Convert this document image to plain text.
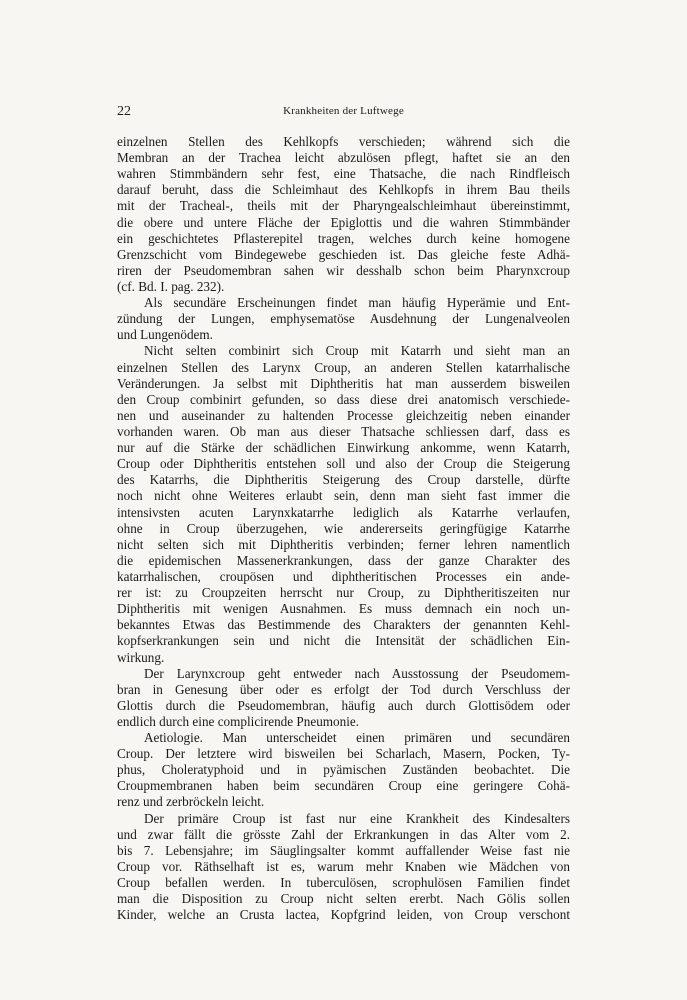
22	Krankheiten der Luftwege
einzelnen Stellen des Kehlkopfs verschieden; während sich die
Membran an der Trachea leicht abzulösen pflegt, haftet sie an den
wahren Stimmbändern sehr fest, eine Thatsache, die nach Rindfleisch
darauf beruht, dass die Schleimhaut des Kehlkopfs in ihrem Bau theils
mit der Tracheal-, theils mit der Pharyngealschleimhaut übereinstimmt,
die obere und untere Fläche der Epiglottis und die wahren Stimmbänder
ein geschichtetes Pflasterepitel tragen, welches durch keine homogene
Grenzschicht vom Bindegewebe geschieden ist. Das gleiche feste Adhä-
riren der Pseudomembran sahen wir desshalb schon beim Pharynxcroup
(cf. Bd. I. pag. 232).
Als secundäre Erscheinungen findet man häufig Hyperämie und Ent-
zündung der Lungen, emphysematöse Ausdehnung der Lungenalveolen
und Lungenödem.
Nicht selten combinirt sich Croup mit Katarrh und sieht man an
einzelnen Stellen des Larynx Croup, an anderen Stellen katarrhalische
Veränderungen. Ja selbst mit Diphtheritis hat man ausserdem bisweilen
den Croup combinirt gefunden, so dass diese drei anatomisch verschiede-
nen und auseinander zu haltenden Processe gleichzeitig neben einander
vorhanden waren. Ob man aus dieser Thatsache schliessen darf, dass es
nur auf die Stärke der schädlichen Einwirkung ankomme, wenn Katarrh,
Croup oder Diphtheritis entstehen soll und also der Croup die Steigerung
des Katarrhs, die Diphtheritis Steigerung des Croup darstelle, dürfte
noch nicht ohne Weiteres erlaubt sein, denn man sieht fast immer die
intensivsten acuten Larynxkatarrhe lediglich als Katarrhe verlaufen,
ohne in Croup überzugehen, wie andererseits geringfügige Katarrhe
nicht selten sich mit Diphtheritis verbinden; ferner lehren namentlich
die epidemischen Massenerkrankungen, dass der ganze Charakter des
katarrhalischen, croupösen und diphtheritischen Processes ein ande-
rer ist: zu Croupzeiten herrscht nur Croup, zu Diphtheritiszeiten nur
Diphtheritis mit wenigen Ausnahmen. Es muss demnach ein noch un-
bekanntes Etwas das Bestimmende des Charakters der genannten Kehl-
kopfserkrankungen sein und nicht die Intensität der schädlichen Ein-
wirkung.
Der Larynxcroup geht entweder nach Ausstossung der Pseudomem-
bran in Genesung über oder es erfolgt der Tod durch Verschluss der
Glottis durch die Pseudomembran, häufig auch durch Glottisödem oder
endlich durch eine complicirende Pneumonie.
Aetiologie. Man unterscheidet einen primären und secundären
Croup. Der letztere wird bisweilen bei Scharlach, Masern, Pocken, Ty-
phus, Choleratyphoid und in pyämischen Zuständen beobachtet. Die
Croupmembranen haben beim secundären Croup eine geringere Cohä-
renz und zerbröckeln leicht.
Der primäre Croup ist fast nur eine Krankheit des Kindesalters
und zwar fällt die grösste Zahl der Erkrankungen in das Alter vom 2.
bis 7. Lebensjahre; im Säuglingsalter kommt auffallender Weise fast nie
Croup vor. Räthselhaft ist es, warum mehr Knaben wie Mädchen von
Croup befallen werden. In tuberculösen, scrophulösen Familien findet
man die Disposition zu Croup nicht selten ererbt. Nach Gölis sollen
Kinder, welche an Crusta lactea, Kopfgrind leiden, von Croup verschont
